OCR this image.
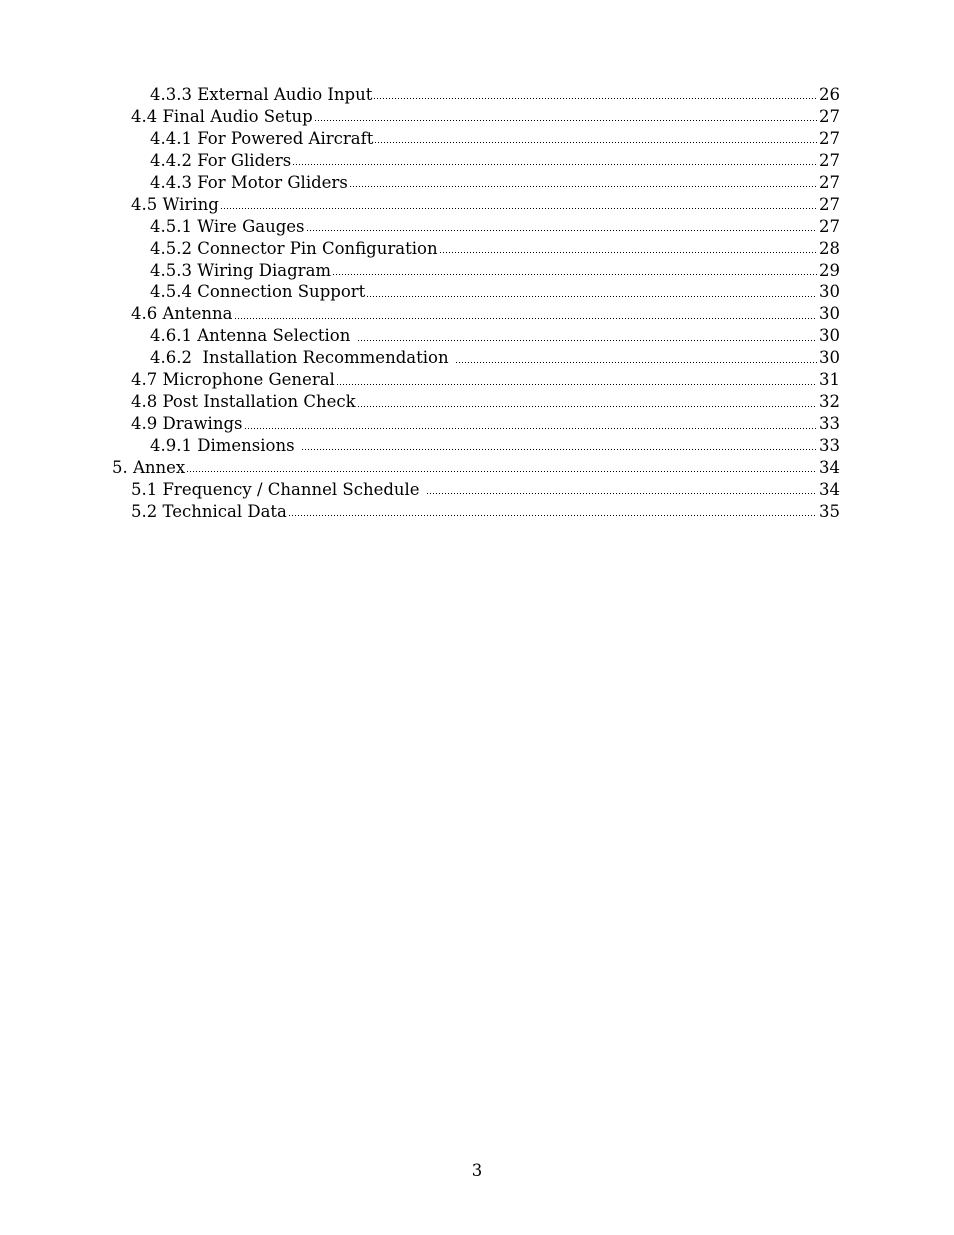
4.3.3 External Audio Input	26
4.4 Final Audio Setup	27
4.4.1 For Powered Aircraft	27
4.4.2 For Gliders	27
4.4.3 For Motor Gliders	27
4.5 Wiring	27
4.5.1 Wire Gauges	27
4.5.2 Connector Pin Configuration	28
4.5.3 Wiring Diagram	29
4.5.4 Connection Support	30
4.6 Antenna	30
4.6.1 Antenna Selection	30
4.6.2  Installation Recommendation	30
4.7 Microphone General	31
4.8 Post Installation Check	32
4.9 Drawings	33
4.9.1 Dimensions	33
5. Annex	34
5.1 Frequency / Channel Schedule	34
5.2 Technical Data	35
3
